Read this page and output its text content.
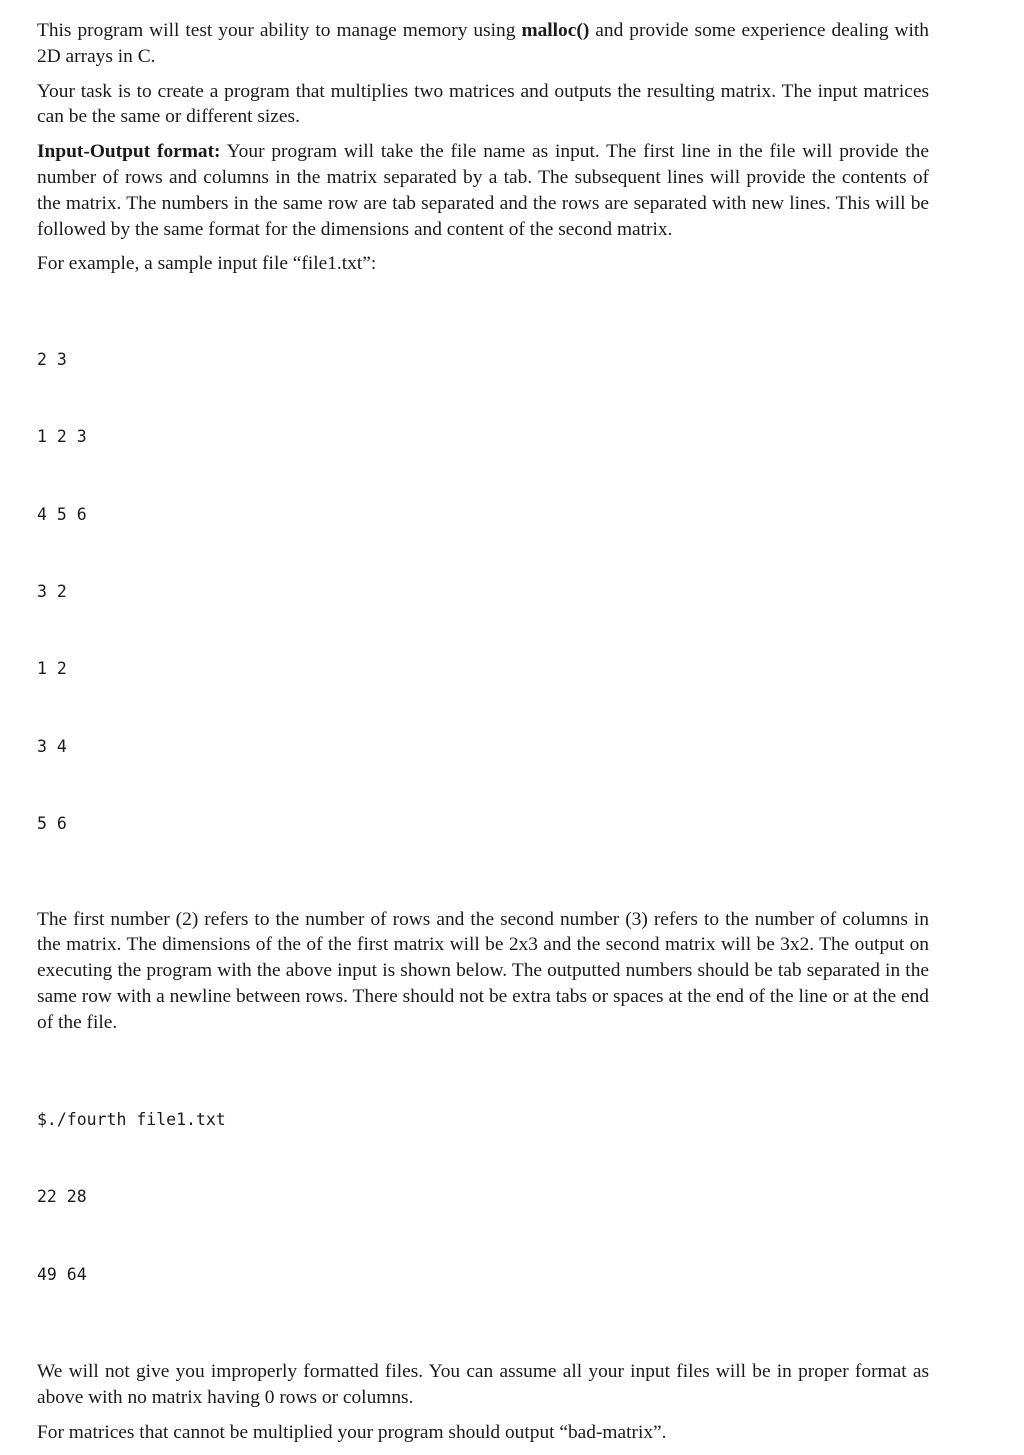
This program will test your ability to manage memory using malloc() and provide some experience dealing with 2D arrays in C.

Your task is to create a program that multiplies two matrices and outputs the resulting matrix. The input matrices can be the same or different sizes.

Input-Output format: Your program will take the file name as input. The first line in the file will provide the number of rows and columns in the matrix separated by a tab. The subsequent lines will provide the contents of the matrix. The numbers in the same row are tab separated and the rows are separated with new lines. This will be followed by the same format for the dimensions and content of the second matrix.

For example, a sample input file “file1.txt”:

2 3

1 2 3

4 5 6

3 2

1 2

3 4

5 6

The first number (2) refers to the number of rows and the second number (3) refers to the number of columns in the matrix. The dimensions of the of the first matrix will be 2x3 and the second matrix will be 3x2. The output on executing the program with the above input is shown below. The outputted numbers should be tab separated in the same row with a newline between rows. There should not be extra tabs or spaces at the end of the line or at the end of the file.

$./fourth file1.txt

22 28

49 64

We will not give you improperly formatted files. You can assume all your input files will be in proper format as above with no matrix having 0 rows or columns.

For matrices that cannot be multiplied your program should output “bad-matrix”.
